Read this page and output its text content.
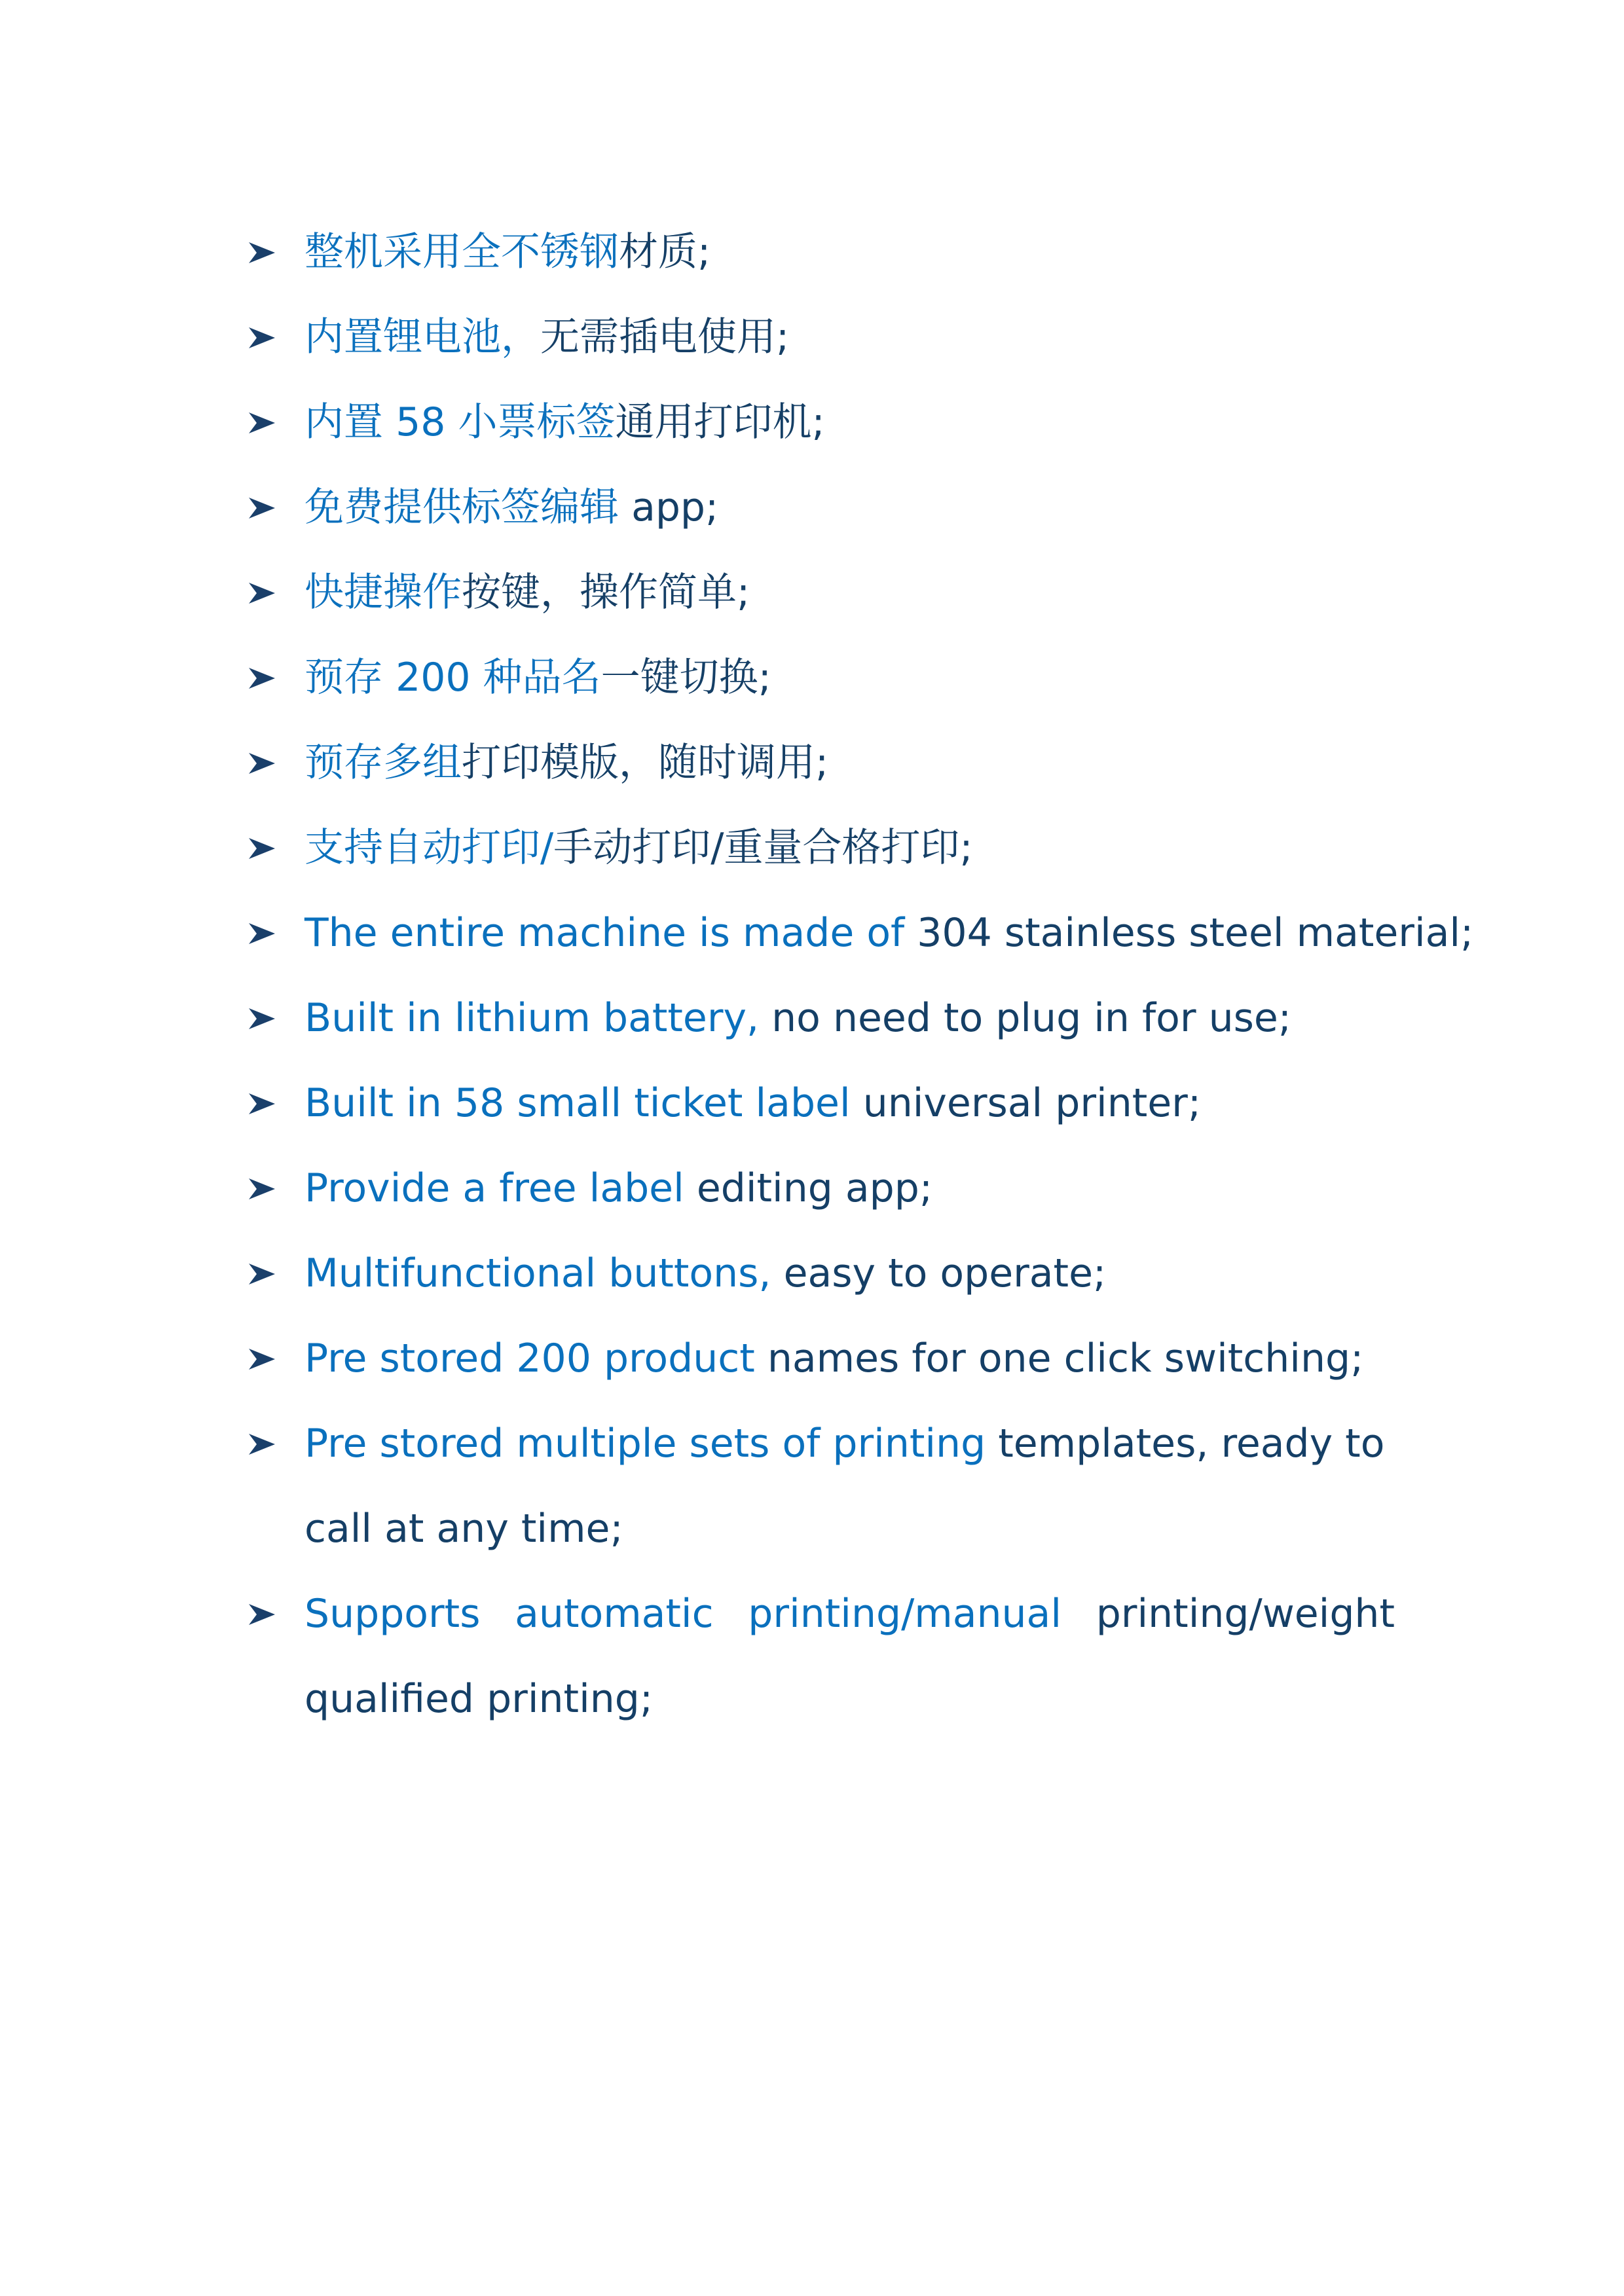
整机采用全不锈钢材质;
内置锂电池，无需插电使用;
内置 58 小票标签通用打印机;
免费提供标签编辑 app;
快捷操作按键，操作简单;
预存 200 种品名一键切换;
预存多组打印模版，随时调用;
支持自动打印/手动打印/重量合格打印;
The entire machine is made of 304 stainless steel material;
Built in lithium battery, no need to plug in for use;
Built in 58 small ticket label universal printer;
Provide a free label editing app;
Multifunctional buttons, easy to operate;
Pre stored 200 product names for one click switching;
Pre stored multiple sets of printing templates, ready to call at any time;
Supports automatic printing/manual printing/weight qualified printing;
